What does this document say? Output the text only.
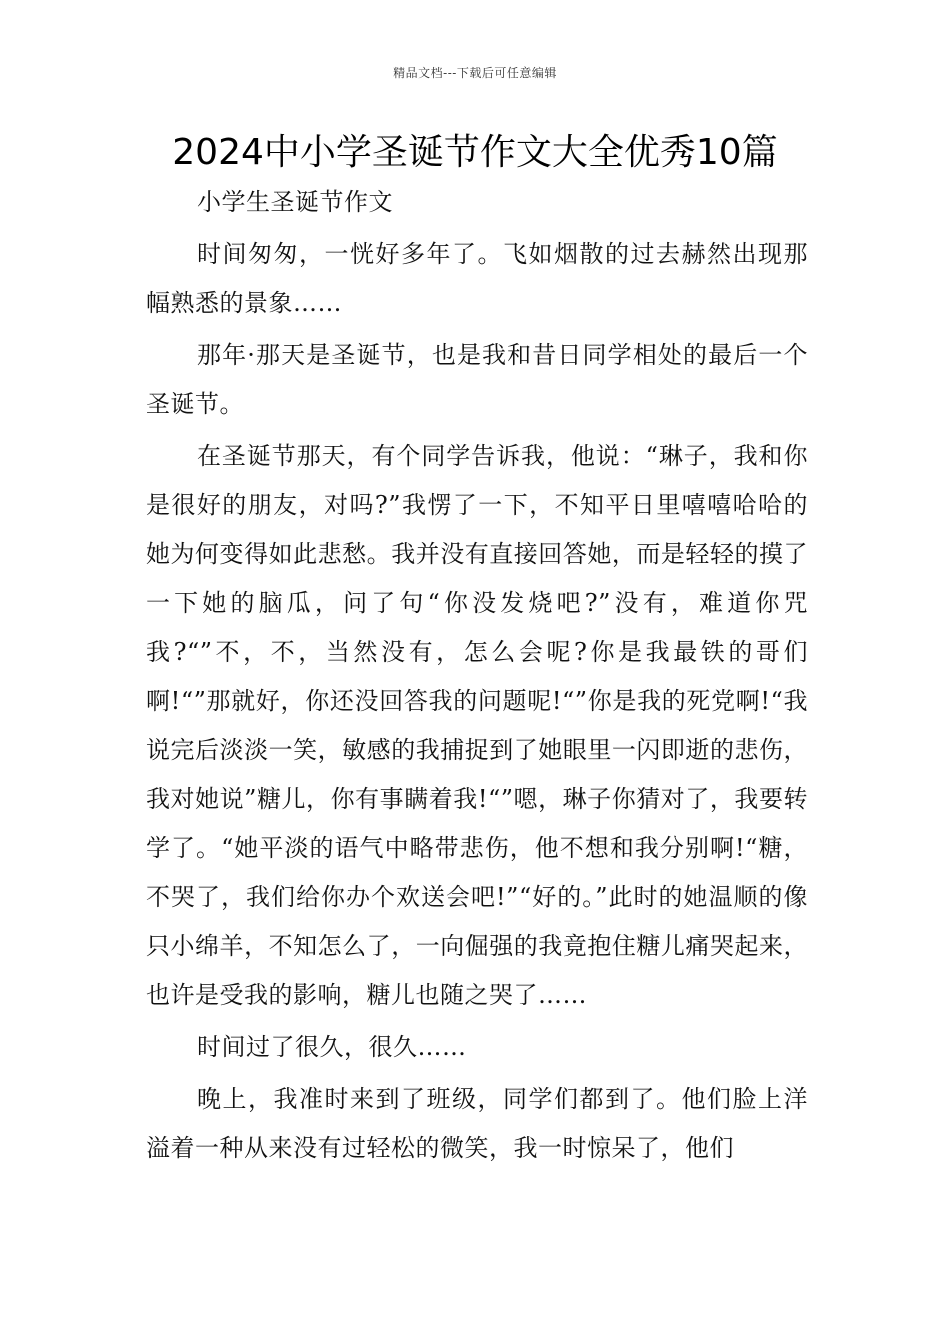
精品文档---下载后可任意编辑
2024中小学圣诞节作文大全优秀10篇

小学生圣诞节作文

时间匆匆，一恍好多年了。飞如烟散的过去赫然出现那幅熟悉的景象……

那年·那天是圣诞节，也是我和昔日同学相处的最后一个圣诞节。

在圣诞节那天，有个同学告诉我，他说：“琳子，我和你是很好的朋友，对吗?”我愣了一下，不知平日里嘻嘻哈哈的她为何变得如此悲愁。我并没有直接回答她，而是轻轻的摸了一下她的脑瓜，问了句“你没发烧吧?”没有，难道你咒我?“”不，不，当然没有，怎么会呢?你是我最铁的哥们啊!“”那就好，你还没回答我的问题呢!“”你是我的死党啊!“我说完后淡淡一笑，敏感的我捕捉到了她眼里一闪即逝的悲伤，我对她说”糖儿，你有事瞒着我!“”嗯，琳子你猜对了，我要转学了。“她平淡的语气中略带悲伤，他不想和我分别啊!“糖，不哭了，我们给你办个欢送会吧!”“好的。”此时的她温顺的像只小绵羊，不知怎么了，一向倔强的我竟抱住糖儿痛哭起来，也许是受我的影响，糖儿也随之哭了……

时间过了很久，很久……

晚上，我准时来到了班级，同学们都到了。他们脸上洋溢着一种从来没有过轻松的微笑，我一时惊呆了，他们
